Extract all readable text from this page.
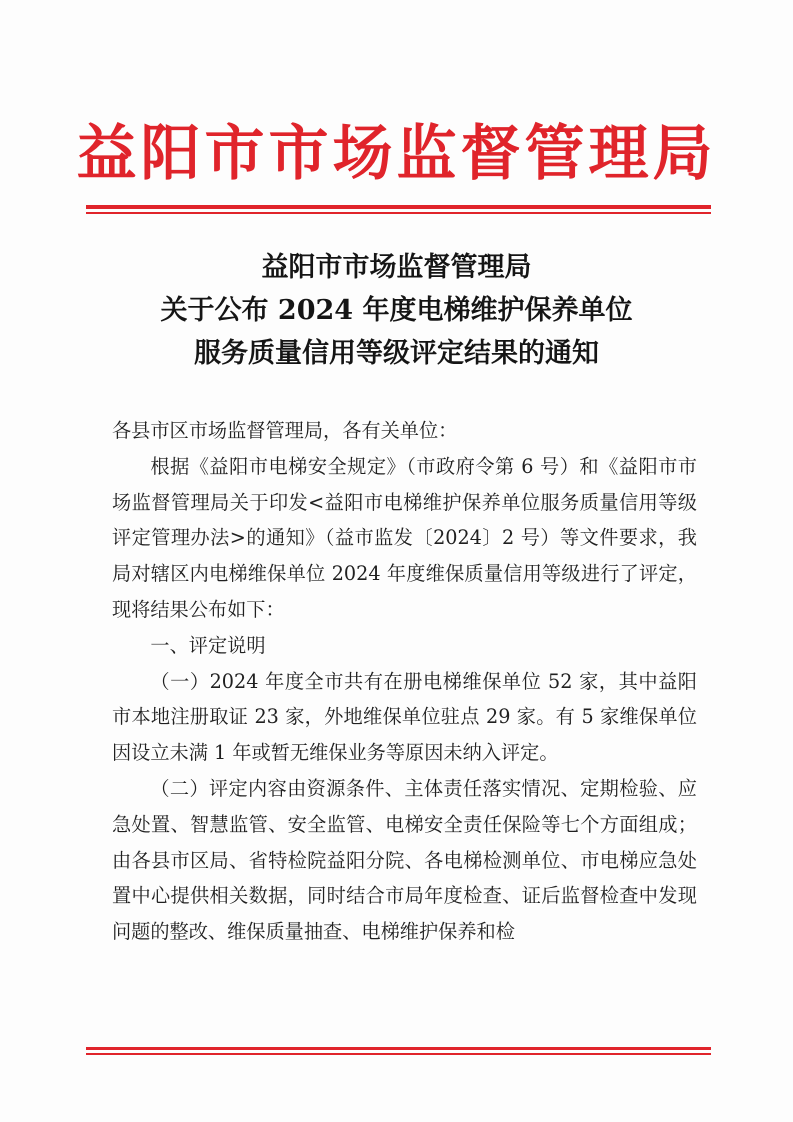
益阳市市场监督管理局
益阳市市场监督管理局
关于公布 2024 年度电梯维护保养单位
服务质量信用等级评定结果的通知

各县市区市场监督管理局，各有关单位：

根据《益阳市电梯安全规定》（市政府令第 6 号）和《益阳市市场监督管理局关于印发<益阳市电梯维护保养单位服务质量信用等级评定管理办法>的通知》（益市监发〔2024〕2 号）等文件要求，我局对辖区内电梯维保单位 2024 年度维保质量信用等级进行了评定，现将结果公布如下：

一、评定说明

（一）2024 年度全市共有在册电梯维保单位 52 家，其中益阳市本地注册取证 23 家，外地维保单位驻点 29 家。有 5 家维保单位因设立未满 1 年或暂无维保业务等原因未纳入评定。

（二）评定内容由资源条件、主体责任落实情况、定期检验、应急处置、智慧监管、安全监管、电梯安全责任保险等七个方面组成；由各县市区局、省特检院益阳分院、各电梯检测单位、市电梯应急处置中心提供相关数据，同时结合市局年度检查、证后监督检查中发现问题的整改、维保质量抽查、电梯维护保养和检
